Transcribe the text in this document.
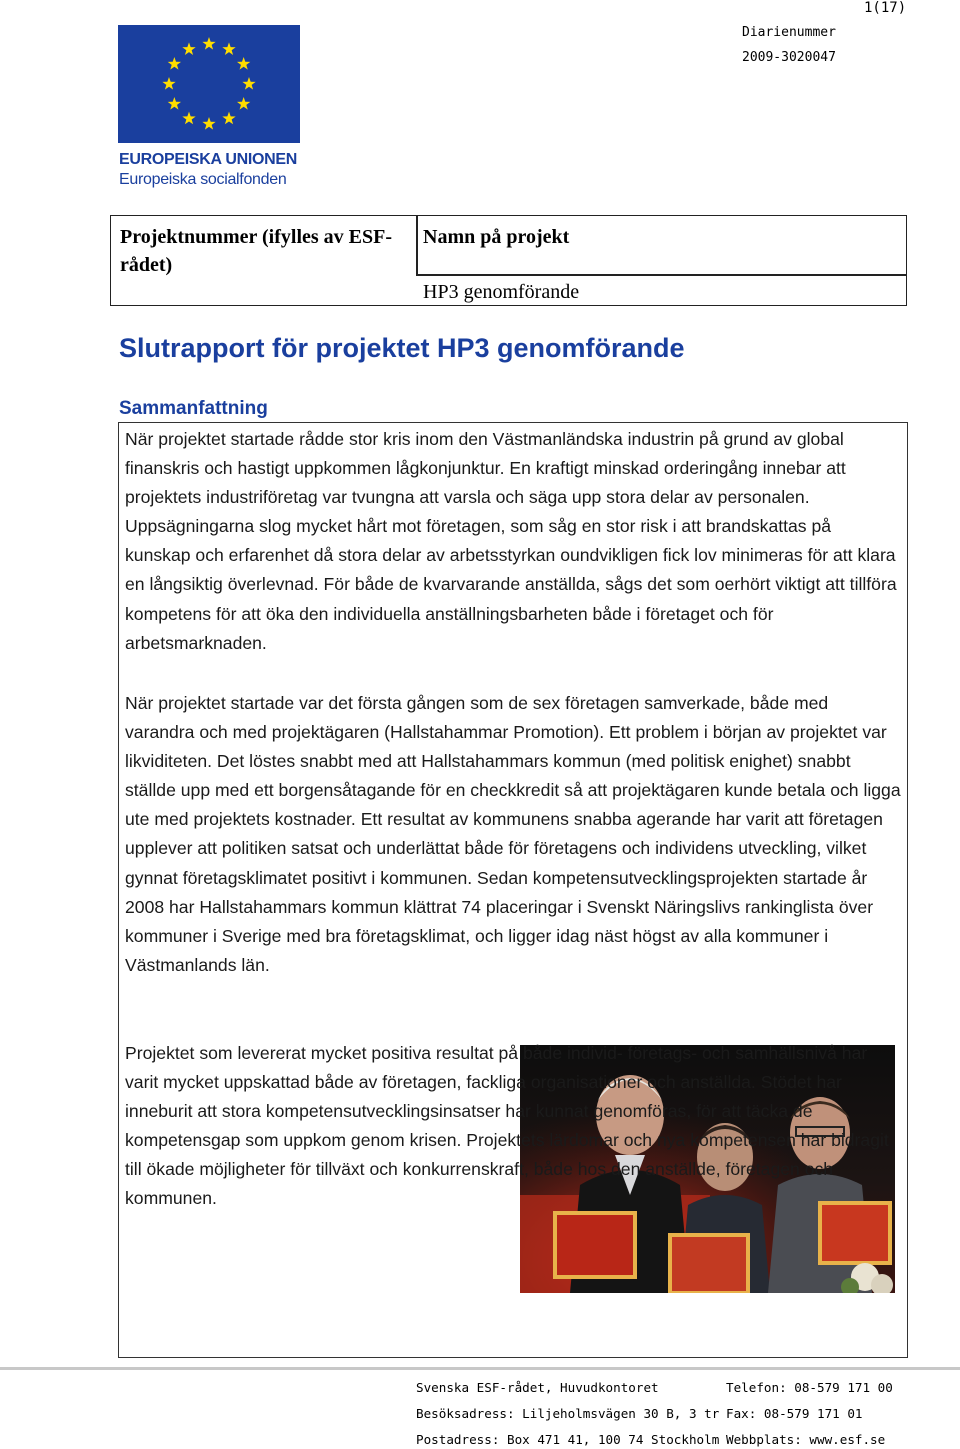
1(17)
Diarienummer
2009-3020047
EUROPEISKA UNIONEN
Europeiska socialfonden
Projektnummer (ifylles av ESF-rådet)
Namn på projekt
HP3 genomförande
Slutrapport för projektet HP3 genomförande
Sammanfattning

När projektet startade rådde stor kris inom den Västmanländska industrin på grund av global finanskris och hastigt uppkommen lågkonjunktur. En kraftigt minskad orderingång innebar att projektets industriföretag var tvungna att varsla och säga upp stora delar av personalen. Uppsägningarna slog mycket hårt mot företagen, som såg en stor risk i att brandskattas på kunskap och erfarenhet då stora delar av arbetsstyrkan oundvikligen fick lov minimeras för att klara en långsiktig överlevnad. För både de kvarvarande anställda, sågs det som oerhört viktigt att tillföra kompetens för att öka den individuella anställningsbarheten både i företaget och för arbetsmarknaden.

När projektet startade var det första gången som de sex företagen samverkade, både med varandra och med projektägaren (Hallstahammar Promotion). Ett problem i början av projektet var likviditeten. Det löstes snabbt med att Hallstahammars kommun (med politisk enighet) snabbt ställde upp med ett borgensåtagande för en checkkredit så att projektägaren kunde betala och ligga ute med projektets kostnader. Ett resultat av kommunens snabba agerande har varit att företagen upplever att politiken satsat och underlättat både för företagens och individens utveckling, vilket gynnat företagsklimatet positivt i kommunen. Sedan kompetensutvecklingsprojekten startade år 2008 har Hallstahammars kommun klättrat 74 placeringar i Svenskt Näringslivs rankinglista över kommuner i Sverige med bra företagsklimat, och ligger idag näst högst av alla kommuner i Västmanlands län.

Projektet som levererat mycket positiva resultat på både individ- företags- och samhällsnivå har varit mycket uppskattad både av företagen, fackliga organisationer och anställda. Stödet har inneburit att stora kompetensutvecklingsinsatser har kunnat genomföras, för att täcka de kompetensgap som uppkom genom krisen. Projektets lärdomar och nya kompetensen har bidragit till ökade möjligheter för tillväxt och konkurrenskraft, både hos den anställde, företagen och kommunen.

Svenska ESF-rådet, Huvudkontoret
Besöksadress: Liljeholmsvägen 30 B, 3 tr
Postadress: Box 471 41, 100 74 Stockholm
Telefon: 08-579 171 00
Fax: 08-579 171 01
Webbplats: www.esf.se
